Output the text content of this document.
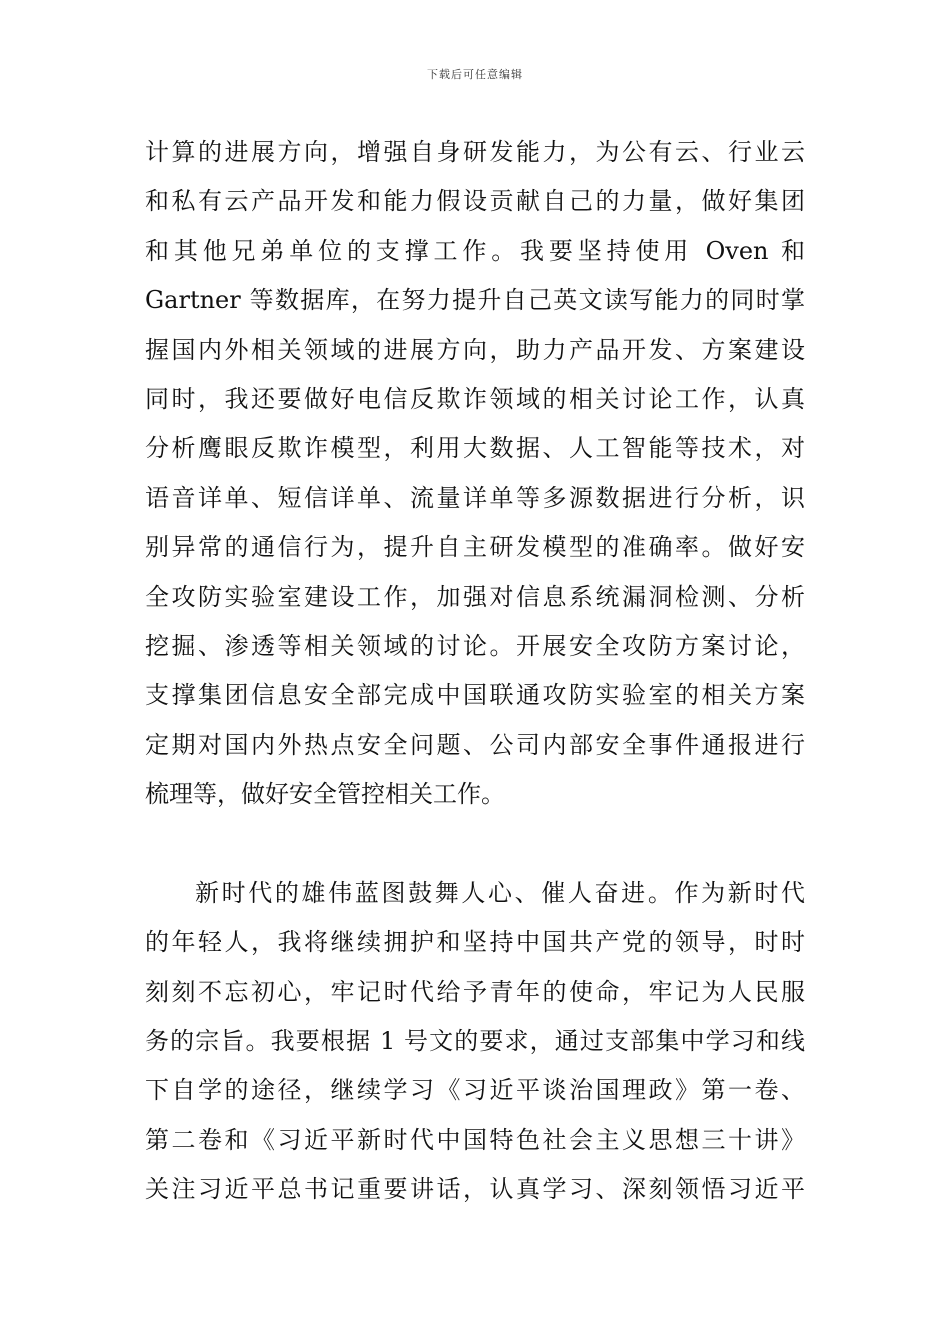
下载后可任意编辑
计算的进展方向，增强自身研发能力，为公有云、行业云
和私有云产品开发和能力假设贡献自己的力量，做好集团
和其他兄弟单位的支撑工作。我要坚持使用 Oven 和
Gartner 等数据库，在努力提升自己英文读写能力的同时掌
握国内外相关领域的进展方向，助力产品开发、方案建设
同时，我还要做好电信反欺诈领域的相关讨论工作，认真
分析鹰眼反欺诈模型，利用大数据、人工智能等技术，对
语音详单、短信详单、流量详单等多源数据进行分析，识
别异常的通信行为，提升自主研发模型的准确率。做好安
全攻防实验室建设工作，加强对信息系统漏洞检测、分析
挖掘、渗透等相关领域的讨论。开展安全攻防方案讨论，
支撑集团信息安全部完成中国联通攻防实验室的相关方案
定期对国内外热点安全问题、公司内部安全事件通报进行
梳理等，做好安全管控相关工作。
新时代的雄伟蓝图鼓舞人心、催人奋进。作为新时代
的年轻人，我将继续拥护和坚持中国共产党的领导，时时
刻刻不忘初心，牢记时代给予青年的使命，牢记为人民服
务的宗旨。我要根据 1 号文的要求，通过支部集中学习和线
下自学的途径，继续学习《习近平谈治国理政》第一卷、
第二卷和《习近平新时代中国特色社会主义思想三十讲》
关注习近平总书记重要讲话，认真学习、深刻领悟习近平
